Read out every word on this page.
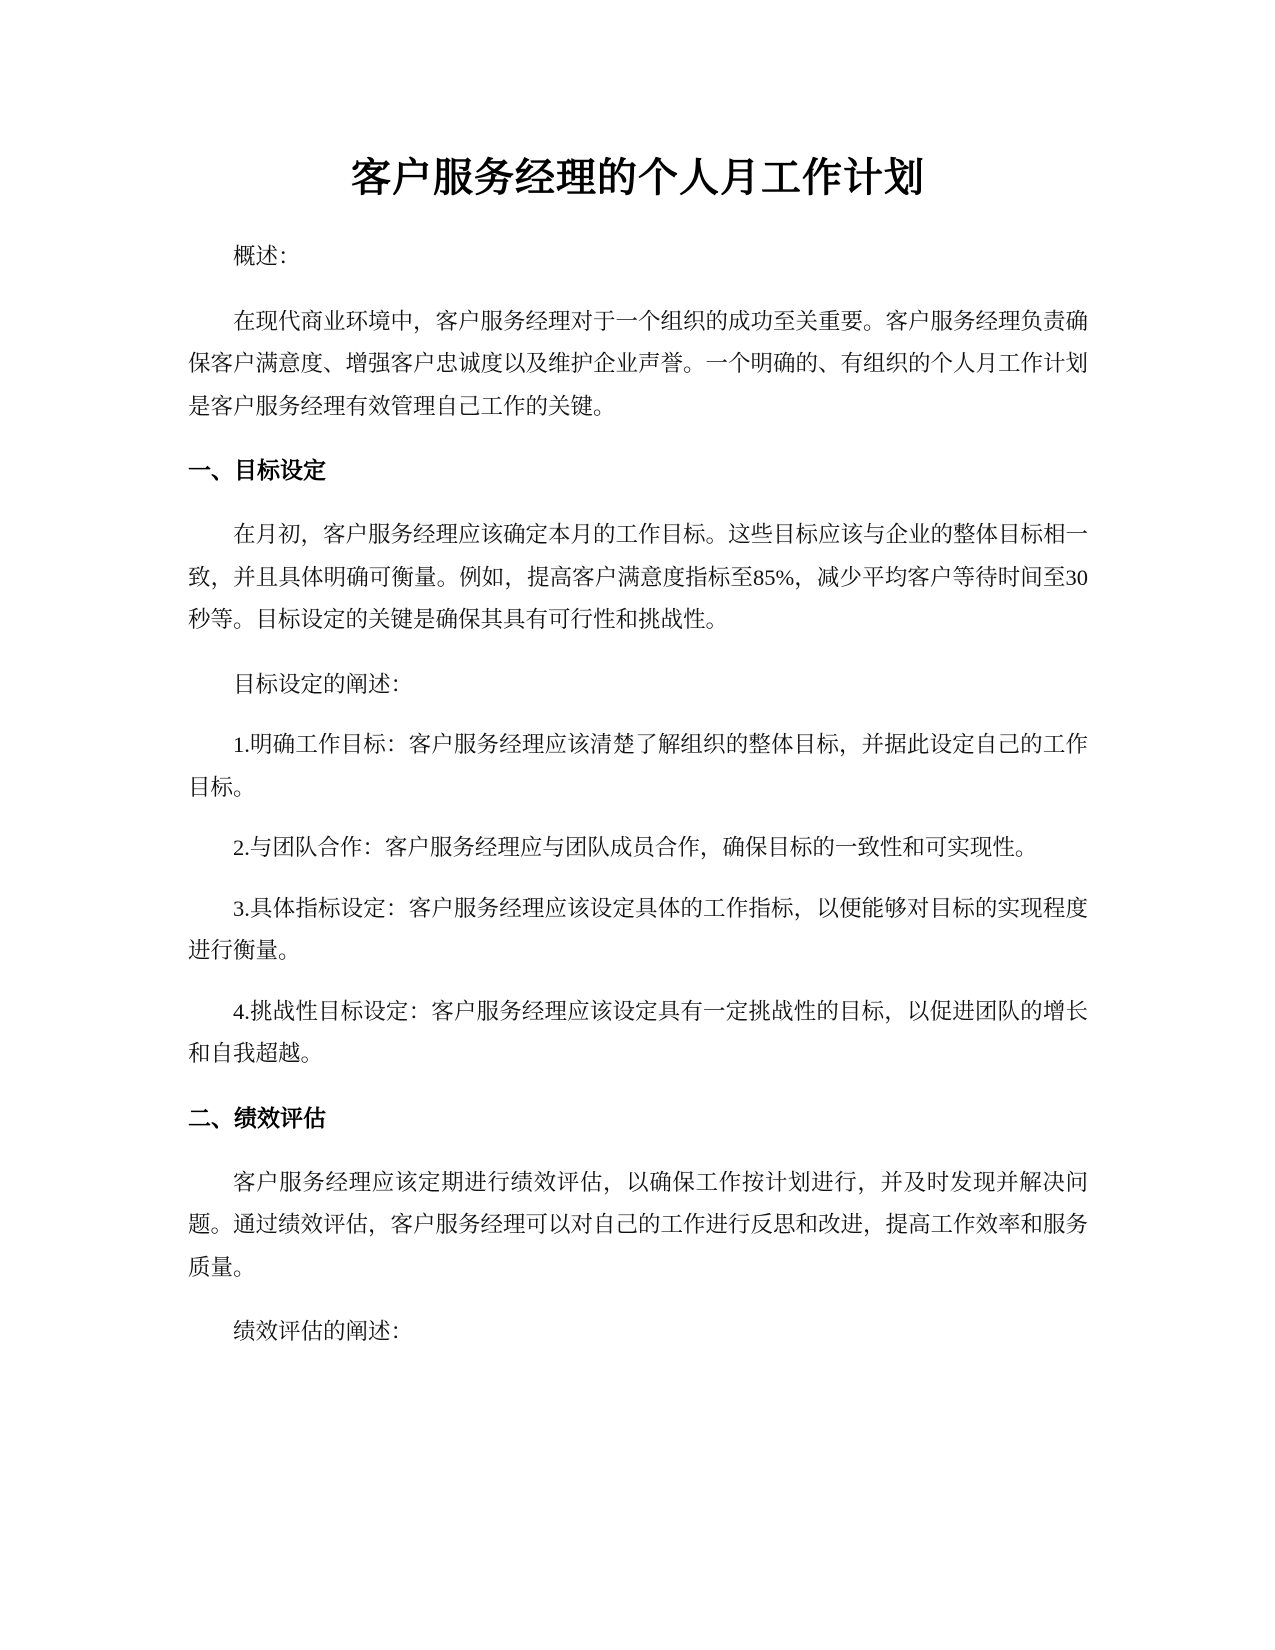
客户服务经理的个人月工作计划

概述：

在现代商业环境中，客户服务经理对于一个组织的成功至关重要。客户服务经理负责确保客户满意度、增强客户忠诚度以及维护企业声誉。一个明确的、有组织的个人月工作计划是客户服务经理有效管理自己工作的关键。

一、目标设定

在月初，客户服务经理应该确定本月的工作目标。这些目标应该与企业的整体目标相一致，并且具体明确可衡量。例如，提高客户满意度指标至85%，减少平均客户等待时间至30秒等。目标设定的关键是确保其具有可行性和挑战性。

目标设定的阐述：

1.明确工作目标：客户服务经理应该清楚了解组织的整体目标，并据此设定自己的工作目标。

2.与团队合作：客户服务经理应与团队成员合作，确保目标的一致性和可实现性。

3.具体指标设定：客户服务经理应该设定具体的工作指标，以便能够对目标的实现程度进行衡量。

4.挑战性目标设定：客户服务经理应该设定具有一定挑战性的目标，以促进团队的增长和自我超越。

二、绩效评估

客户服务经理应该定期进行绩效评估，以确保工作按计划进行，并及时发现并解决问题。通过绩效评估，客户服务经理可以对自己的工作进行反思和改进，提高工作效率和服务质量。

绩效评估的阐述：
